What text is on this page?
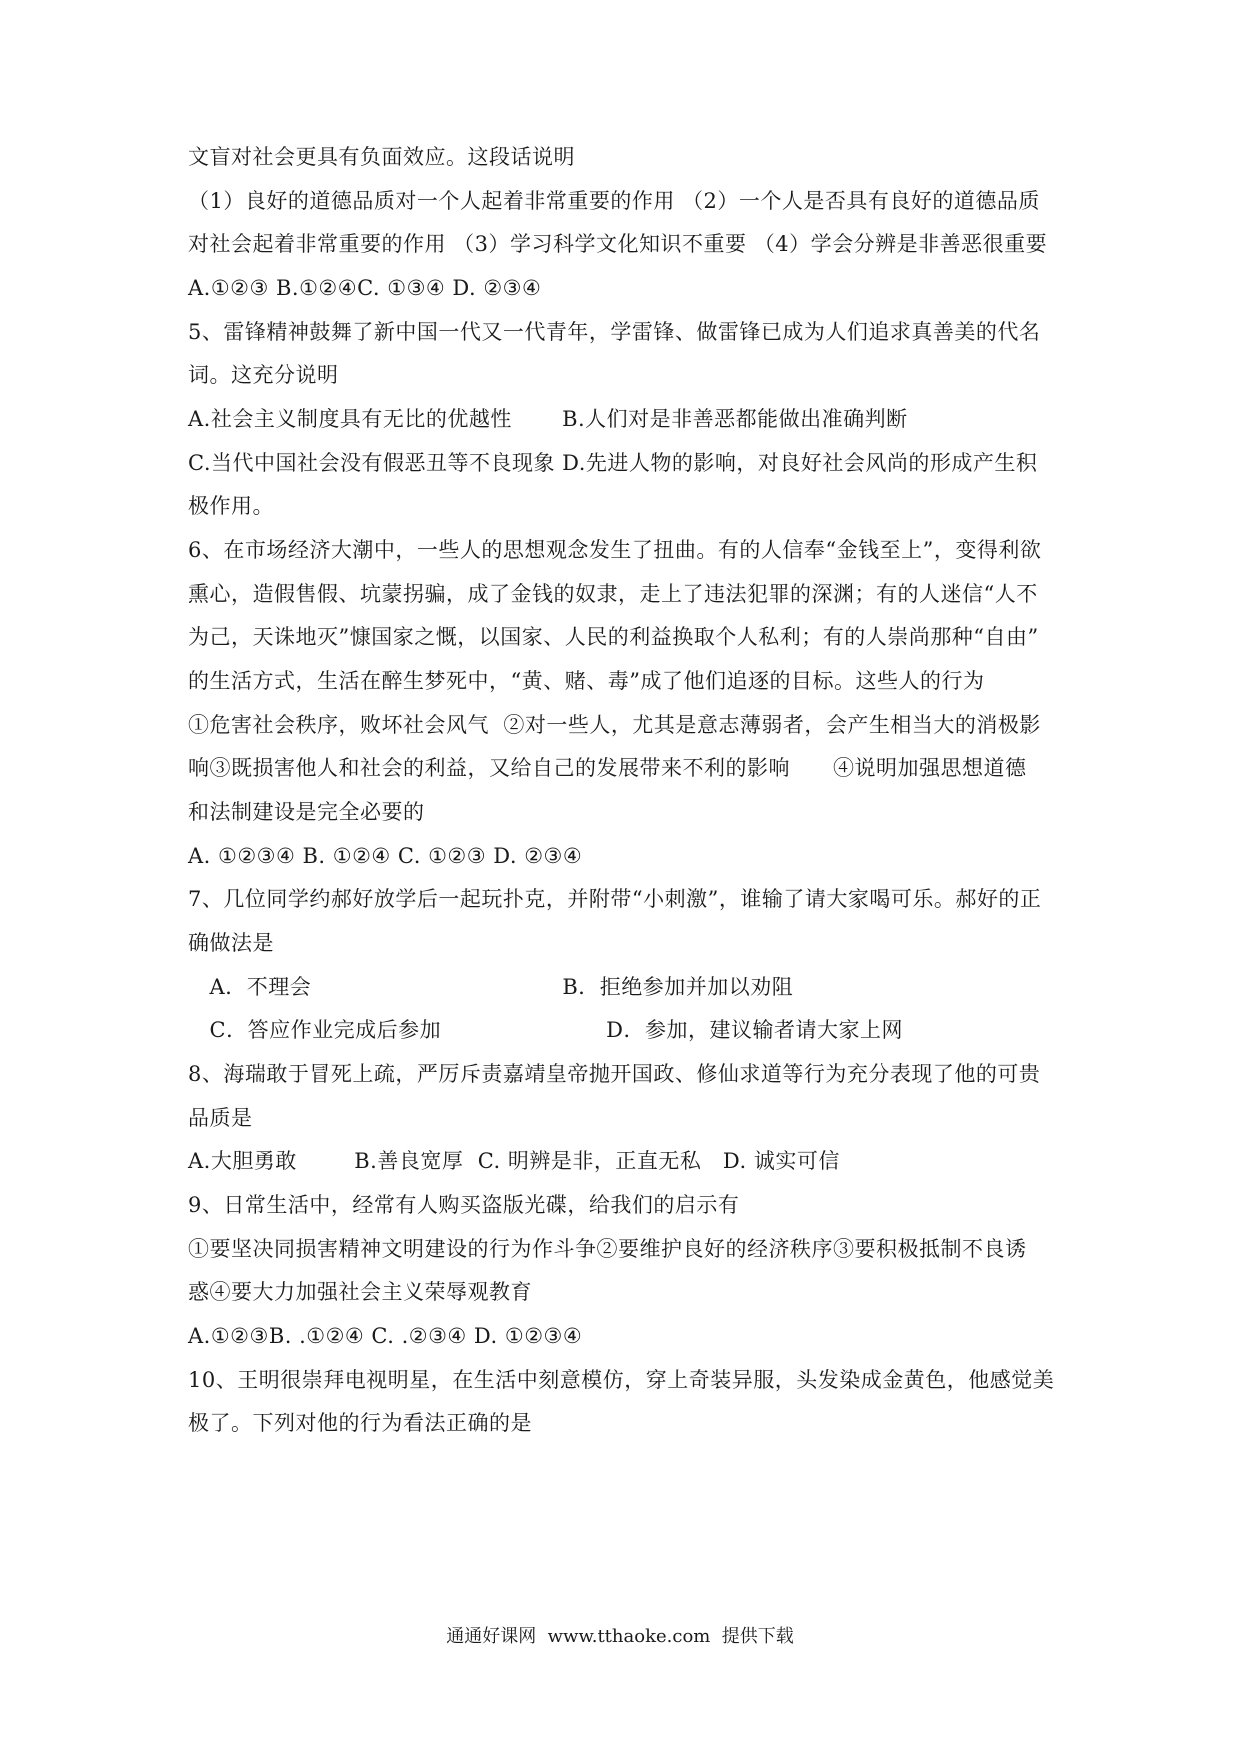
文盲对社会更具有负面效应。这段话说明
（1）良好的道德品质对一个人起着非常重要的作用 （2）一个人是否具有良好的道德品质
对社会起着非常重要的作用 （3）学习科学文化知识不重要 （4）学会分辨是非善恶很重要
A.①②③ B.①②④C. ①③④ D. ②③④
5、雷锋精神鼓舞了新中国一代又一代青年，学雷锋、做雷锋已成为人们追求真善美的代名
词。这充分说明
A.社会主义制度具有无比的优越性       B.人们对是非善恶都能做出准确判断
C.当代中国社会没有假恶丑等不良现象 D.先进人物的影响，对良好社会风尚的形成产生积
极作用。
6、在市场经济大潮中，一些人的思想观念发生了扭曲。有的人信奉“金钱至上”，变得利欲
熏心，造假售假、坑蒙拐骗，成了金钱的奴隶，走上了违法犯罪的深渊；有的人迷信“人不
为己，天诛地灭”慷国家之慨，以国家、人民的利益换取个人私利；有的人崇尚那种“自由”
的生活方式，生活在醉生梦死中，“黄、赌、毒”成了他们追逐的目标。这些人的行为
①危害社会秩序，败坏社会风气  ②对一些人，尤其是意志薄弱者，会产生相当大的消极影
响③既损害他人和社会的利益，又给自己的发展带来不利的影响      ④说明加强思想道德
和法制建设是完全必要的
A. ①②③④ B. ①②④ C. ①②③ D. ②③④
7、几位同学约郝好放学后一起玩扑克，并附带“小刺激”，谁输了请大家喝可乐。郝好的正
确做法是
A．不理会                                   B．拒绝参加并加以劝阻
C．答应作业完成后参加                       D．参加，建议输者请大家上网
8、海瑞敢于冒死上疏，严厉斥责嘉靖皇帝抛开国政、修仙求道等行为充分表现了他的可贵
品质是
A.大胆勇敢        B.善良宽厚  C. 明辨是非，正直无私   D. 诚实可信
9、日常生活中，经常有人购买盗版光碟，给我们的启示有
①要坚决同损害精神文明建设的行为作斗争②要维护良好的经济秩序③要积极抵制不良诱
惑④要大力加强社会主义荣辱观教育
A.①②③B. .①②④ C. .②③④ D. ①②③④
10、王明很崇拜电视明星，在生活中刻意模仿，穿上奇装异服，头发染成金黄色，他感觉美
极了。下列对他的行为看法正确的是
通通好课网  www.tthaoke.com  提供下载
